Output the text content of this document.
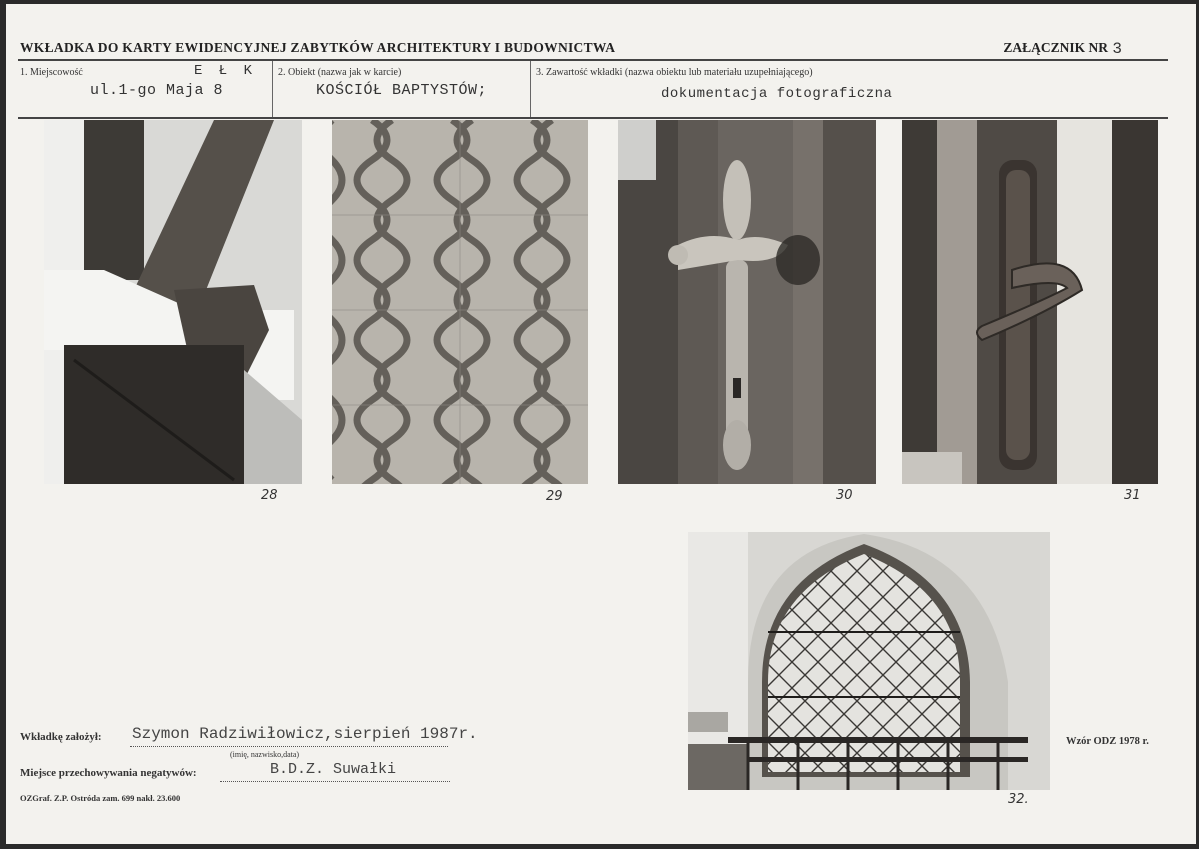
WKŁADKA DO KARTY EWIDENCYJNEJ ZABYTKÓW ARCHITEKTURY I BUDOWNICTWA	ZAŁĄCZNIK NR 3
1. Miejscowość	E Ł K
ul.1-go Maja 8
2. Obiekt (nazwa jak w karcie)
KOŚCIÓŁ BAPTYSTÓW;
3. Zawartość wkładki (nazwa obiektu lub materiału uzupełniającego)
dokumentacja fotograficzna
28	29	30	31
32.
Wkładkę założył: Szymon Radziwiłowicz,sierpień 1987r.
(imię, nazwisko,data)
Miejsce przechowywania negatywów:	B.D.Z. Suwałki
OZGraf. Z.P. Ostróda zam. 699 nakł. 23.600
Wzór ODZ 1978 r.
